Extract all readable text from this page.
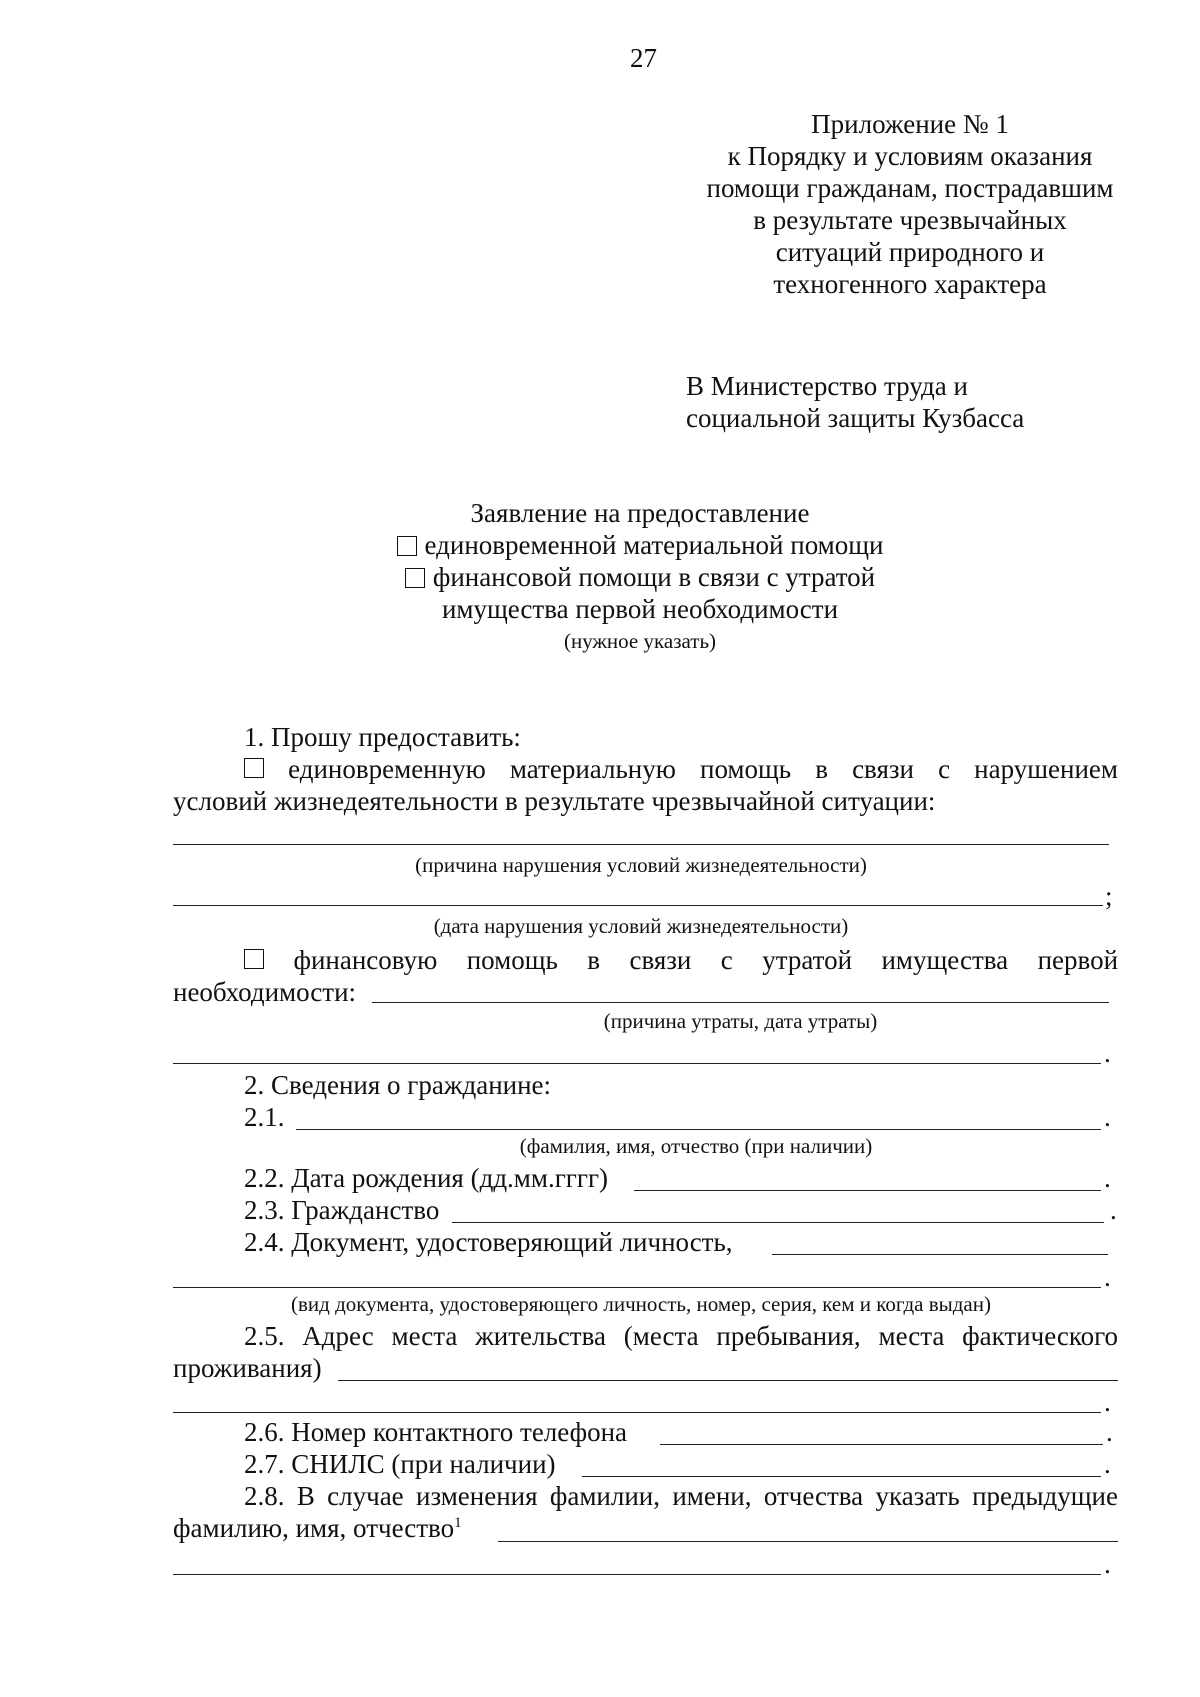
27
Приложение № 1
к Порядку и условиям оказания
помощи гражданам, пострадавшим
в результате чрезвычайных
ситуаций природного и
техногенного характера
В Министерство труда и
социальной защиты Кузбасса
Заявление на предоставление
единовременной материальной помощи
финансовой помощи в связи с утратой
имущества первой необходимости
(нужное указать)
1. Прошу предоставить:
единовременную материальную помощь в связи с нарушением
условий жизнедеятельности в результате чрезвычайной ситуации:
(причина нарушения условий жизнедеятельности)
;
(дата нарушения условий жизнедеятельности)
финансовую помощь в связи с утратой имущества первой
необходимости:
(причина утраты, дата утраты)
.
2. Сведения о гражданине:
2.1.	.
(фамилия, имя, отчество (при наличии)
2.2. Дата рождения (дд.мм.гггг)	.
2.3. Гражданство	.
2.4. Документ, удостоверяющий личность,
.
(вид документа, удостоверяющего личность, номер, серия, кем и когда выдан)
2.5. Адрес места жительства (места пребывания, места фактического
проживания)
.
2.6. Номер контактного телефона	.
2.7. СНИЛС (при наличии)	.
2.8. В случае изменения фамилии, имени, отчества указать предыдущие
фамилию, имя, отчество$^1$
.
